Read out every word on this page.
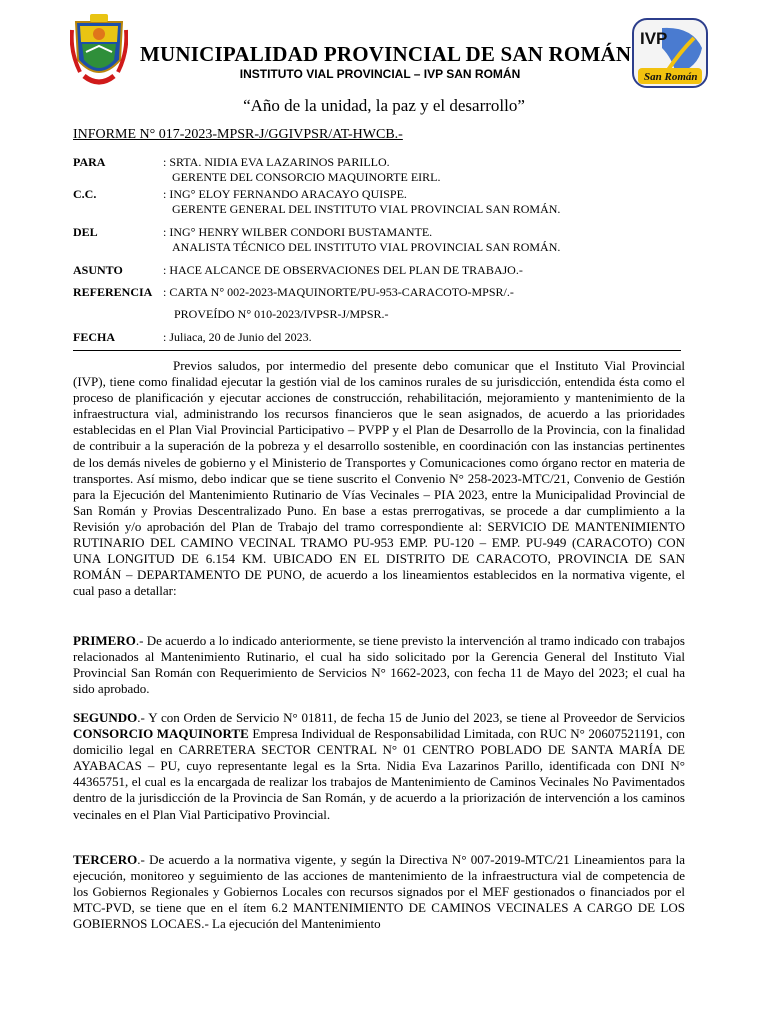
MUNICIPALIDAD PROVINCIAL DE SAN ROMÁN
INSTITUTO VIAL PROVINCIAL – IVP SAN ROMÁN
IVP
San Román
“Año de la unidad, la paz y el desarrollo”
INFORME N° 017-2023-MPSR-J/GGIVPSR/AT-HWCB.-
PARA	: SRTA. NIDIA EVA LAZARINOS PARILLO.
GERENTE DEL CONSORCIO MAQUINORTE EIRL.
C.C.	: ING° ELOY FERNANDO ARACAYO QUISPE.
GERENTE GENERAL DEL INSTITUTO VIAL PROVINCIAL SAN ROMÁN.
DEL	: ING° HENRY WILBER CONDORI BUSTAMANTE.
ANALISTA TÉCNICO DEL INSTITUTO VIAL PROVINCIAL SAN ROMÁN.
ASUNTO	: HACE ALCANCE DE OBSERVACIONES DEL PLAN DE TRABAJO.-
REFERENCIA : CARTA N° 002-2023-MAQUINORTE/PU-953-CARACOTO-MPSR/.-
PROVEÍDO N° 010-2023/IVPSR-J/MPSR.-
FECHA	: Juliaca, 20 de Junio del 2023.
Previos saludos, por intermedio del presente debo comunicar que el Instituto Vial Provincial (IVP), tiene como finalidad ejecutar la gestión vial de los caminos rurales de su jurisdicción, entendida ésta como el proceso de planificación y ejecutar acciones de construcción, rehabilitación, mejoramiento y mantenimiento de la infraestructura vial, administrando los recursos financieros que le sean asignados, de acuerdo a las prioridades establecidas en el Plan Vial Provincial Participativo – PVPP y el Plan de Desarrollo de la Provincia, con la finalidad de contribuir a la superación de la pobreza y el desarrollo sostenible, en coordinación con las instancias pertinentes de los demás niveles de gobierno y el Ministerio de Transportes y Comunicaciones como órgano rector en materia de transportes. Así mismo, debo indicar que se tiene suscrito el Convenio N° 258-2023-MTC/21, Convenio de Gestión para la Ejecución del Mantenimiento Rutinario de Vías Vecinales – PIA 2023, entre la Municipalidad Provincial de San Román y Provias Descentralizado Puno. En base a estas prerrogativas, se procede a dar cumplimiento a la Revisión y/o aprobación del Plan de Trabajo del tramo correspondiente al: SERVICIO DE MANTENIMIENTO RUTINARIO DEL CAMINO VECINAL TRAMO PU-953 EMP. PU-120 – EMP. PU-949 (CARACOTO) CON UNA LONGITUD DE 6.154 KM. UBICADO EN EL DISTRITO DE CARACOTO, PROVINCIA DE SAN ROMÁN – DEPARTAMENTO DE PUNO, de acuerdo a los lineamientos establecidos en la normativa vigente, el cual paso a detallar:
PRIMERO.- De acuerdo a lo indicado anteriormente, se tiene previsto la intervención al tramo indicado con trabajos relacionados al Mantenimiento Rutinario, el cual ha sido solicitado por la Gerencia General del Instituto Vial Provincial San Román con Requerimiento de Servicios N° 1662-2023, con fecha 11 de Mayo del 2023; el cual ha sido aprobado.
SEGUNDO.- Y con Orden de Servicio N° 01811, de fecha 15 de Junio del 2023, se tiene al Proveedor de Servicios CONSORCIO MAQUINORTE Empresa Individual de Responsabilidad Limitada, con RUC N° 20607521191, con domicilio legal en CARRETERA SECTOR CENTRAL N° 01 CENTRO POBLADO DE SANTA MARÍA DE AYABACAS – PU, cuyo representante legal es la Srta. Nidia Eva Lazarinos Parillo, identificada con DNI N° 44365751, el cual es la encargada de realizar los trabajos de Mantenimiento de Caminos Vecinales No Pavimentados dentro de la jurisdicción de la Provincia de San Román, y de acuerdo a la priorización de intervención a los caminos vecinales en el Plan Vial Participativo Provincial.
TERCERO.- De acuerdo a la normativa vigente, y según la Directiva N° 007-2019-MTC/21 Lineamientos para la ejecución, monitoreo y seguimiento de las acciones de mantenimiento de la infraestructura vial de competencia de los Gobiernos Regionales y Gobiernos Locales con recursos signados por el MEF gestionados o financiados por el MTC-PVD, se tiene que en el ítem 6.2 MANTENIMIENTO DE CAMINOS VECINALES A CARGO DE LOS GOBIERNOS LOCAES.- La ejecución del Mantenimiento
